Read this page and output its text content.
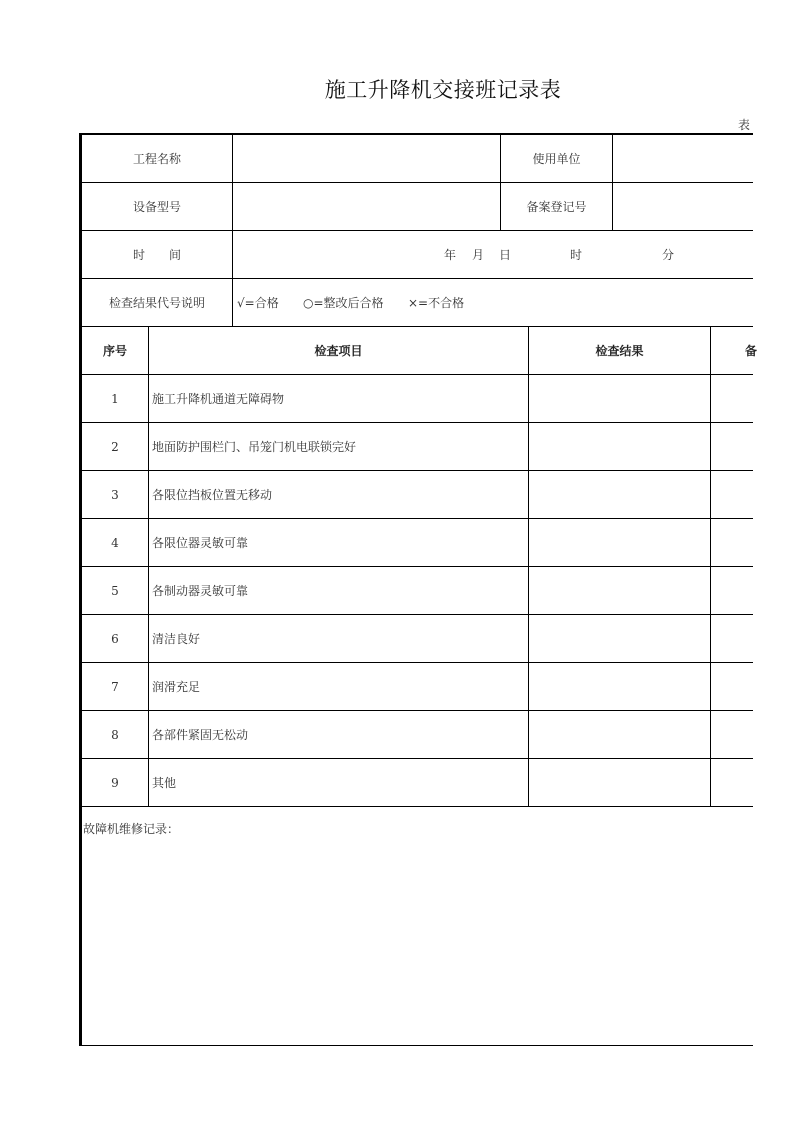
施工升降机交接班记录表
表
工程名称	使用单位
设备型号	备案登记号
时　　间	年 月 日	时	分
检查结果代号说明	√=合格 ○=整改后合格 ×=不合格
序号	检查项目	检查结果	备
1	施工升降机通道无障碍物
2	地面防护围栏门、吊笼门机电联锁完好
3	各限位挡板位置无移动
4	各限位器灵敏可靠
5	各制动器灵敏可靠
6	清洁良好
7	润滑充足
8	各部件紧固无松动
9	其他
故障机维修记录：
